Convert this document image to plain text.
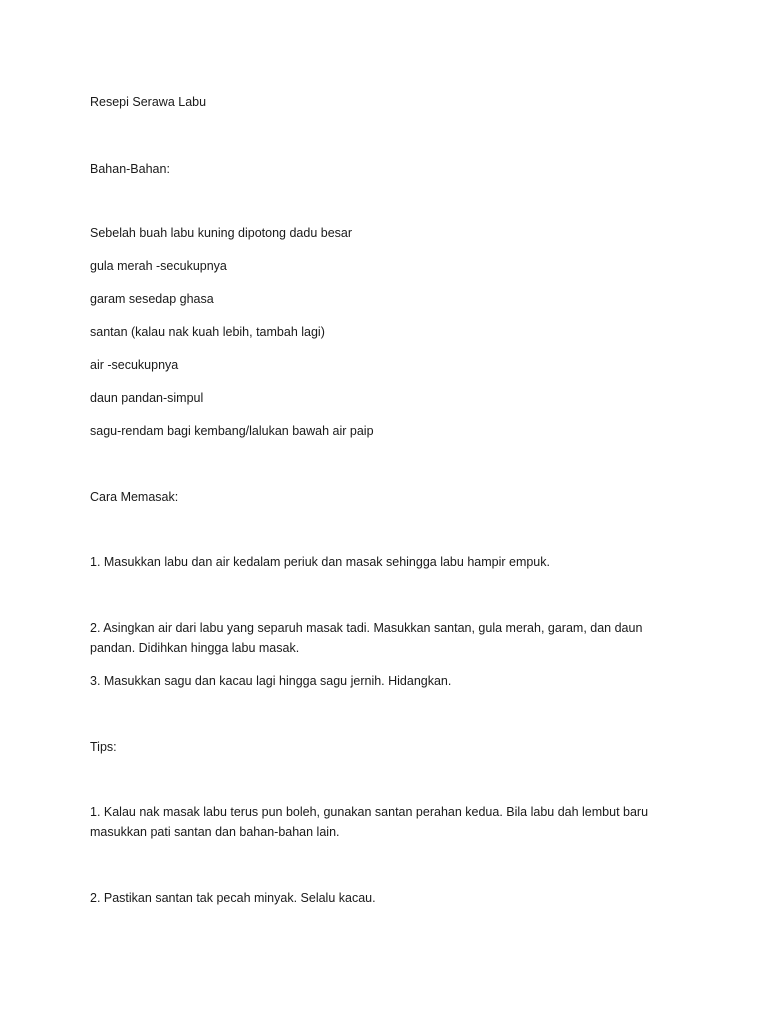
Resepi Serawa Labu

Bahan-Bahan:

Sebelah buah labu kuning dipotong dadu besar

gula merah -secukupnya

garam sesedap ghasa

santan (kalau nak kuah lebih, tambah lagi)

air -secukupnya

daun pandan-simpul

sagu-rendam bagi kembang/lalukan bawah air paip

Cara Memasak:

1. Masukkan labu dan air kedalam periuk dan masak sehingga labu hampir empuk.

2. Asingkan air dari labu yang separuh masak tadi. Masukkan santan, gula merah, garam, dan daun pandan. Didihkan hingga labu masak.

3. Masukkan sagu dan kacau lagi hingga sagu jernih. Hidangkan.

Tips:

1. Kalau nak masak labu terus pun boleh, gunakan santan perahan kedua. Bila labu dah lembut baru masukkan pati santan dan bahan-bahan lain.

2. Pastikan santan tak pecah minyak. Selalu kacau.
